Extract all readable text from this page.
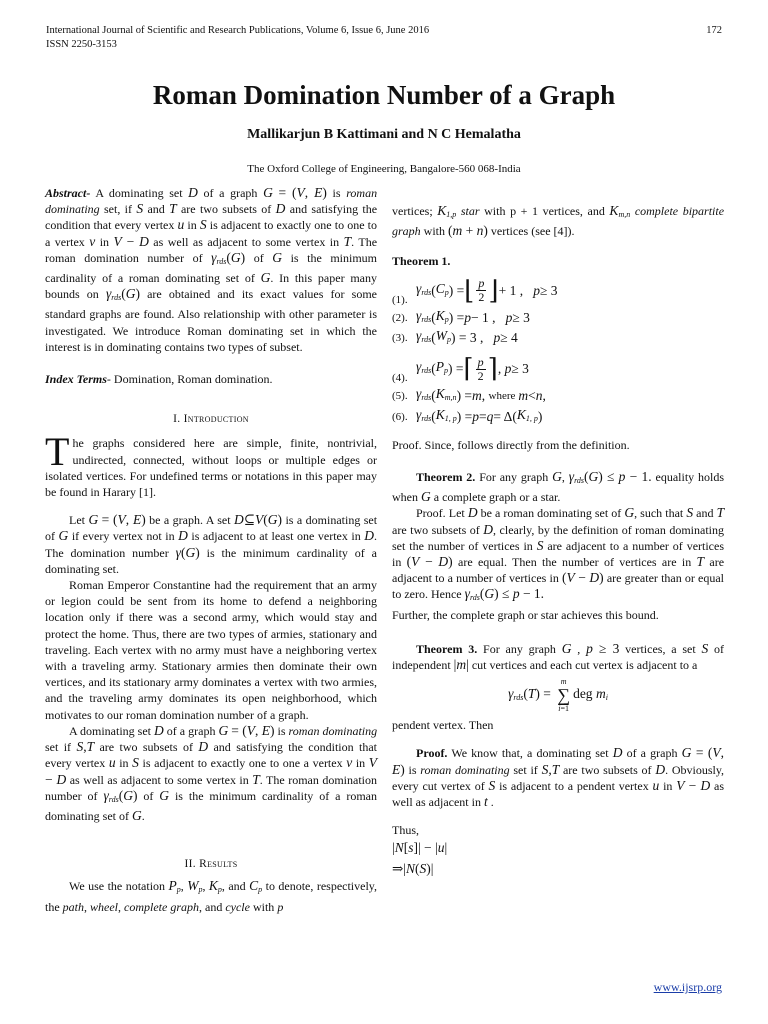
International Journal of Scientific and Research Publications, Volume 6, Issue 6, June 2016
ISSN 2250-3153
172
Roman Domination Number of a Graph
Mallikarjun B Kattimani and N C Hemalatha
The Oxford College of Engineering, Bangalore-560 068-India

Abstract- A dominating set D of a graph G = (V, E) is roman dominating set, if S and T are two subsets of D and satisfying the condition that every vertex u in S is adjacent to exactly one to one to a vertex v in V − D as well as adjacent to some vertex in T. The roman domination number of $\gamma_{rds}(G)$ of G is the minimum cardinality of a roman dominating set of G. In this paper many bounds on $\gamma_{rds}(G)$ are obtained and its exact values for some standard graphs are found. Also relationship with other parameter is investigated. We introduce Roman dominating set in which the interest is in dominating contains two types of subset.

Index Terms- Domination, Roman domination.

I. Introduction

The graphs considered here are simple, finite, nontrivial, undirected, connected, without loops or multiple edges or isolated vertices. For undefined terms or notations in this paper may be found in Harary [1].

Let G = (V, E) be a graph. A set D⊆V(G) is a dominating set of G if every vertex not in D is adjacent to at least one vertex in D. The domination number γ(G) is the minimum cardinality of a dominating set.

Roman Emperor Constantine had the requirement that an army or legion could be sent from its home to defend a neighboring location only if there was a second army, which would stay and protect the home. Thus, there are two types of armies, stationary and traveling. Each vertex with no army must have a neighboring vertex with a traveling army. Stationary armies then dominate their own vertices, and its stationary army dominates a vertex with two armies, and the traveling army dominates its open neighborhood, which motivates to our roman domination number of a graph.

A dominating set D of a graph G = (V, E) is roman dominating set if S,T are two subsets of D and satisfying the condition that every vertex u in S is adjacent to exactly one to one a vertex v in V − D as well as adjacent to some vertex in T. The roman domination number of $\gamma_{rds}(G)$ of G is the minimum cardinality of a roman dominating set of G.

II. Results

We use the notation $P_p$, $W_p$, $K_p$, and $C_p$ to denote, respectively, the path, wheel, complete graph, and cycle with p

vertices; $K_{1,p}$ star with p + 1 vertices, and $K_{m,n}$ complete bipartite graph with (m + n) vertices (see [4]).

Theorem 1.

(1).
$\gamma_{rds}$ ( $C_p$ ) = ⌊ $\frac{p}{2}$ ⌋ + 1 , p ≥ 3
(2). $\gamma_{rds}$ ( $K_p$ ) = p − 1 , p ≥ 3
(3). $\gamma_{rds}$ ( $W_p$ ) = 3 , p ≥ 4
(4).
$\gamma_{rds}$ ( $P_p$ ) = ⌈ $\frac{p}{2}$ ⌉ , p ≥ 3
(5). $\gamma_{rds}$ ( $K_{m,n}$ ) = m , where
m < n ,
(6). $\gamma_{rds}$ ( $K_{1, p}$ ) = p = q = Δ( $K_{1, p}$ )

Proof. Since, follows directly from the definition.

Theorem 2. For any graph G, $\gamma_{rds}(G) \le p - 1$. equality holds when G a complete graph or a star.

Proof. Let D be a roman dominating set of G, such that S and T are two subsets of D, clearly, by the definition of roman dominating set the number of vertices in S are adjacent to a number of vertices in (V − D) are equal. Then the number of vertices are in T are adjacent to a number of vertices in (V − D) are greater than or equal to zero. Hence $\gamma_{rds}(G) \le p - 1$.

Further, the complete graph or star achieves this bound.

Theorem 3. For any graph G , p ≥ 3 vertices, a set S of independent |m| cut vertices and each cut vertex is adjacent to a

$\gamma_{rds}(T)$ =
m
∑
i=1
deg $m_i$

pendent vertex. Then

Proof. We know that, a dominating set D of a graph G = (V, E) is roman dominating set if S,T are two subsets of D. Obviously, every cut vertex of S is adjacent to a pendent vertex u in V − D as well as adjacent in t .

Thus,

|N[s]| − |u|
⇒|N(S)|
www.ijsrp.org
